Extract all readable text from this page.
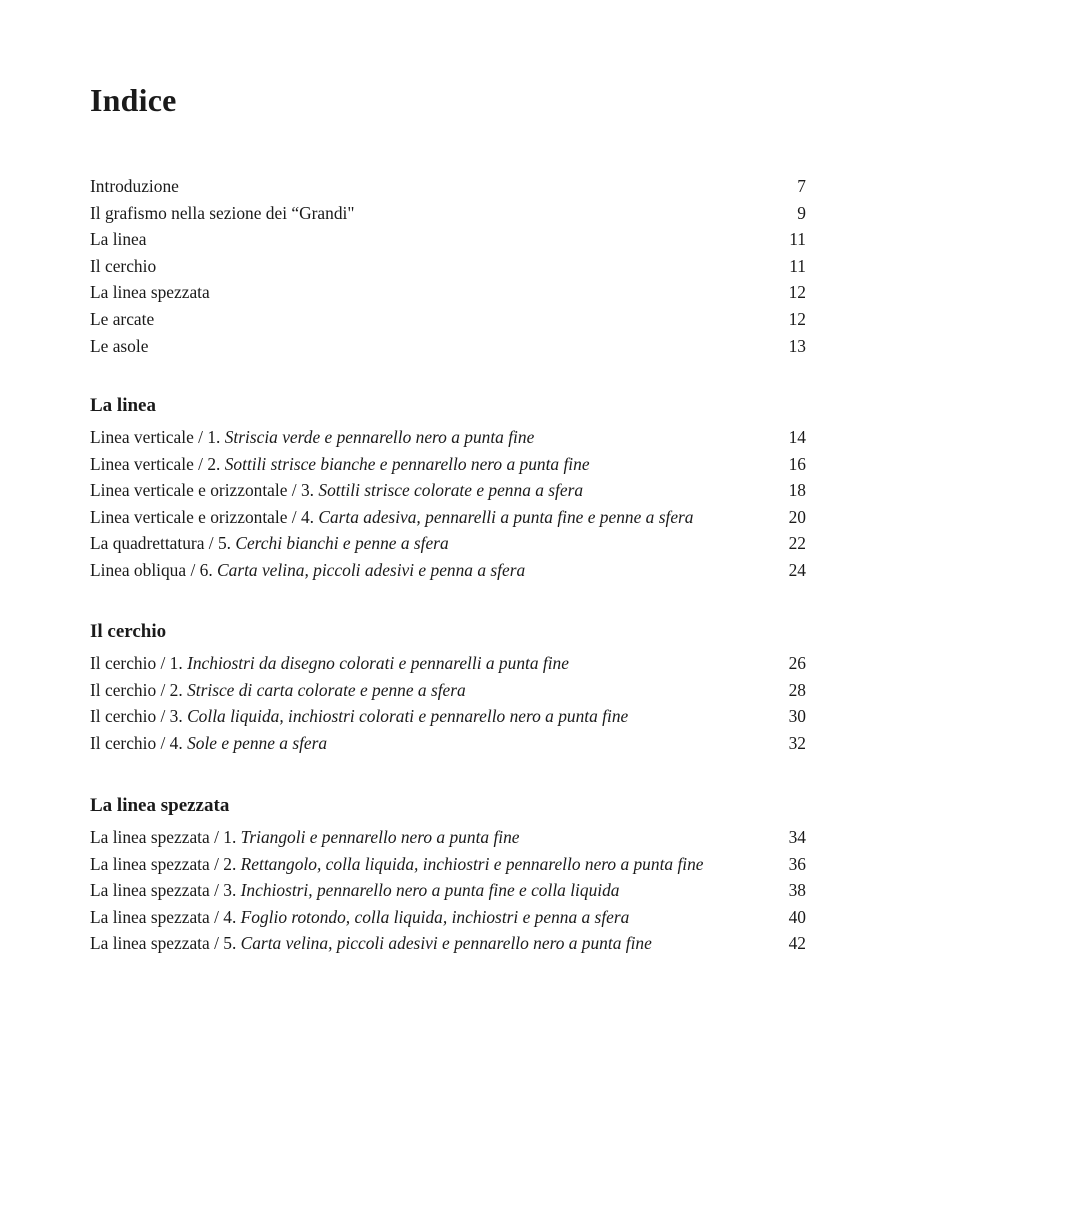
Indice
Introduzione	7
Il grafismo nella sezione dei “Grandi"	9
La linea	11
Il cerchio	11
La linea spezzata	12
Le arcate	12
Le asole	13
La linea
Linea verticale / 1. Striscia verde e pennarello nero a punta fine	14
Linea verticale / 2. Sottili strisce bianche e pennarello nero a punta fine	16
Linea verticale e orizzontale / 3. Sottili strisce colorate e penna a sfera	18
Linea verticale e orizzontale / 4. Carta adesiva, pennarelli a punta fine e penne a sfera	20
La quadrettatura / 5. Cerchi bianchi e penne a sfera	22
Linea obliqua / 6. Carta velina, piccoli adesivi e penna a sfera	24
Il cerchio
Il cerchio / 1. Inchiostri da disegno colorati e pennarelli a punta fine	26
Il cerchio / 2. Strisce di carta colorate e penne a sfera	28
Il cerchio / 3. Colla liquida, inchiostri colorati e pennarello nero a punta fine	30
Il cerchio / 4. Sole e penne a sfera	32
La linea spezzata
La linea spezzata / 1. Triangoli e pennarello nero a punta fine	34
La linea spezzata / 2. Rettangolo, colla liquida, inchiostri e pennarello nero a punta fine	36
La linea spezzata / 3. Inchiostri, pennarello nero a punta fine e colla liquida	38
La linea spezzata / 4. Foglio rotondo, colla liquida, inchiostri e penna a sfera	40
La linea spezzata / 5. Carta velina, piccoli adesivi e pennarello nero a punta fine	42
